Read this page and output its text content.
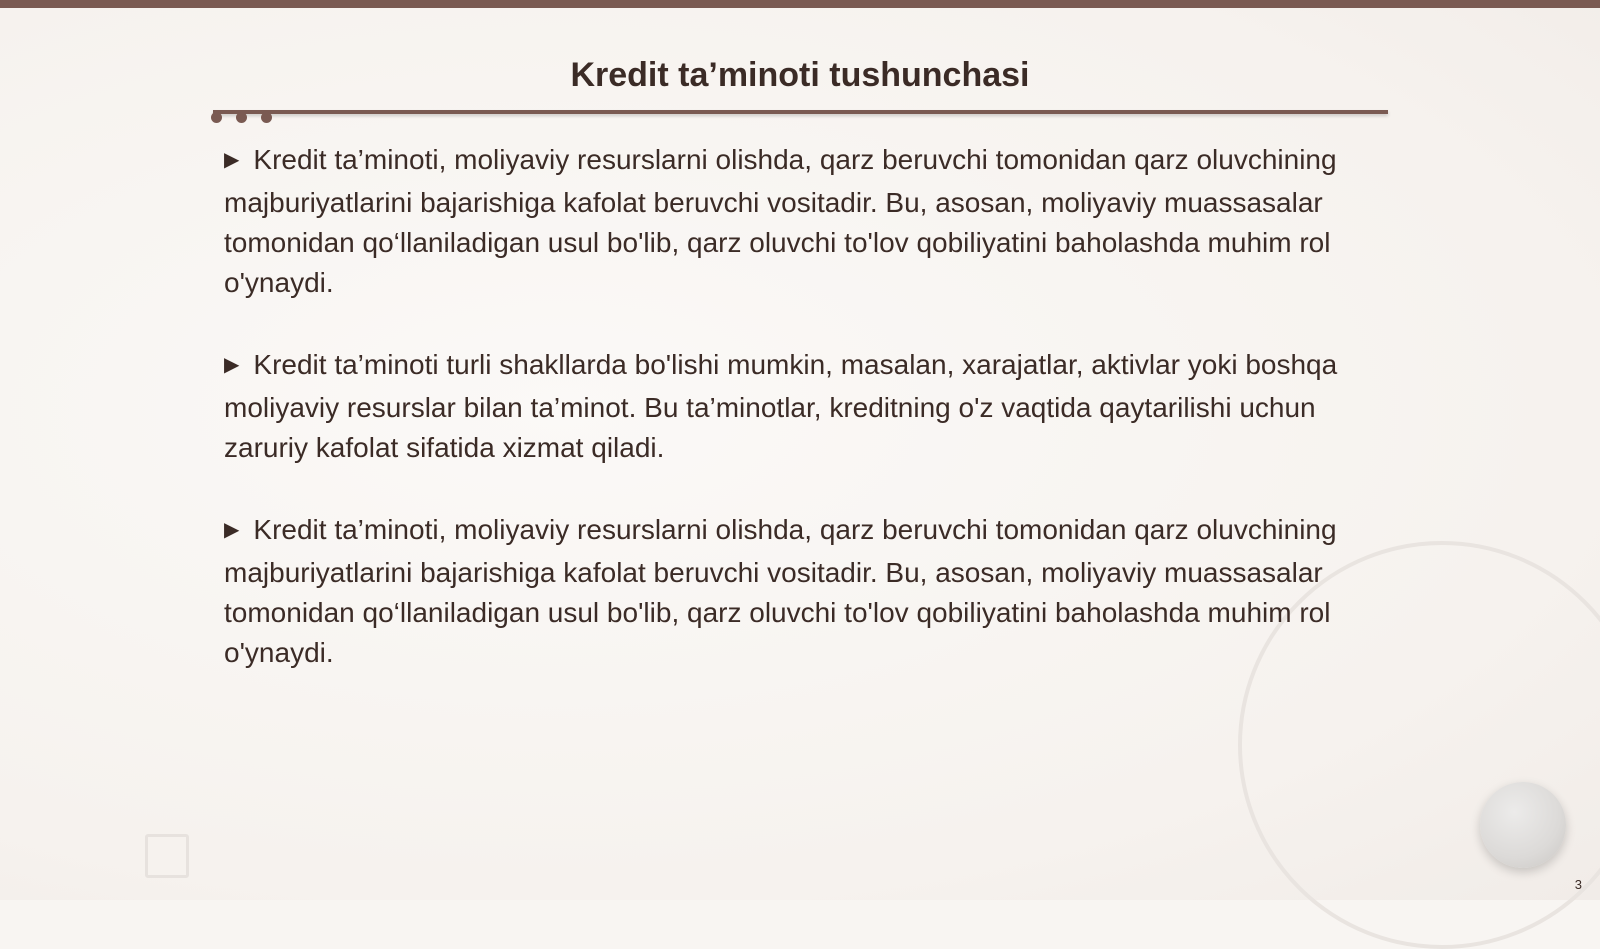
Kredit ta’minoti tushunchasi

▶ Kredit ta’minoti, moliyaviy resurslarni olishda, qarz beruvchi tomonidan qarz oluvchining majburiyatlarini bajarishiga kafolat beruvchi vositadir. Bu, asosan, moliyaviy muassasalar tomonidan qo‘llaniladigan usul bo'lib, qarz oluvchi to'lov qobiliyatini baholashda muhim rol o'ynaydi.

▶ Kredit ta’minoti turli shakllarda bo'lishi mumkin, masalan, xarajatlar, aktivlar yoki boshqa moliyaviy resurslar bilan ta’minot. Bu ta’minotlar, kreditning o'z vaqtida qaytarilishi uchun zaruriy kafolat sifatida xizmat qiladi.

▶ Kredit ta’minoti, moliyaviy resurslarni olishda, qarz beruvchi tomonidan qarz oluvchining majburiyatlarini bajarishiga kafolat beruvchi vositadir. Bu, asosan, moliyaviy muassasalar tomonidan qo‘llaniladigan usul bo'lib, qarz oluvchi to'lov qobiliyatini baholashda muhim rol o'ynaydi.

3
